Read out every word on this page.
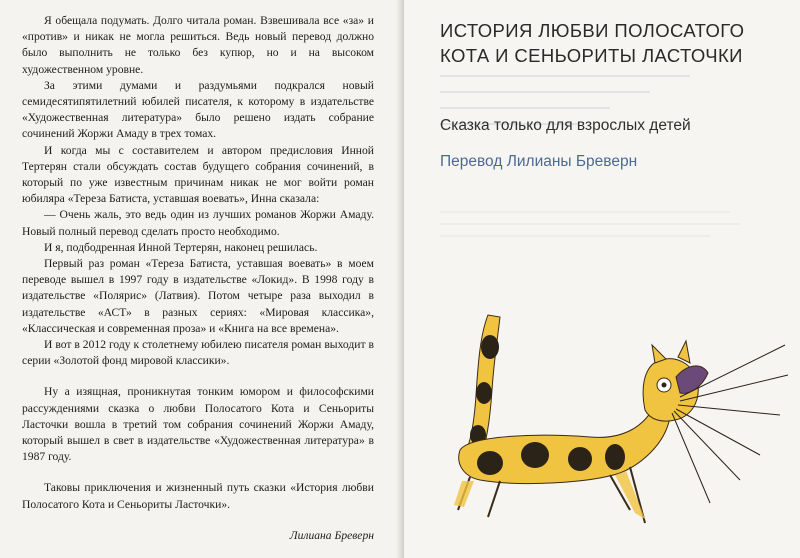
Я обещала подумать. Долго читала роман. Взвешивала все «за» и «против» и никак не могла решиться. Ведь новый перевод должно было выполнить не только без купюр, но и на высоком художественном уровне.

За этими думами и раздумьями подкрался новый семидесятипятилетний юбилей писателя, к которому в издательстве «Художественная литература» было решено издать собрание сочинений Жоржи Амаду в трех томах.

И когда мы с составителем и автором предисловия Инной Тертерян стали обсуждать состав будущего собрания сочинений, в который по уже известным причинам никак не мог войти роман юбиляра «Тереза Батиста, уставшая воевать», Инна сказала:

— Очень жаль, это ведь один из лучших романов Жоржи Амаду. Новый полный перевод сделать просто необходимо.

И я, подбодренная Инной Тертерян, наконец решилась.

Первый раз роман «Тереза Батиста, уставшая воевать» в моем переводе вышел в 1997 году в издательстве «Локид». В 1998 году в издательстве «Полярис» (Латвия). Потом четыре раза выходил в издательстве «АСТ» в разных сериях: «Мировая классика», «Классическая и современная проза» и «Книга на все времена».

И вот в 2012 году к столетнему юбилею писателя роман выходит в серии «Золотой фонд мировой классики».

Ну а изящная, проникнутая тонким юмором и философскими рассуждениями сказка о любви Полосатого Кота и Сеньориты Ласточки вошла в третий том собрания сочинений Жоржи Амаду, который вышел в свет в издательстве «Художественная литература» в 1987 году.

Таковы приключения и жизненный путь сказки «История любви Полосатого Кота и Сеньориты Ласточки».

Лилиана Бреверн

ИСТОРИЯ ЛЮБВИ ПОЛОСАТОГО КОТА И СЕНЬОРИТЫ ЛАСТОЧКИ
Сказка только для взрослых детей
Перевод Лилианы Бреверн
